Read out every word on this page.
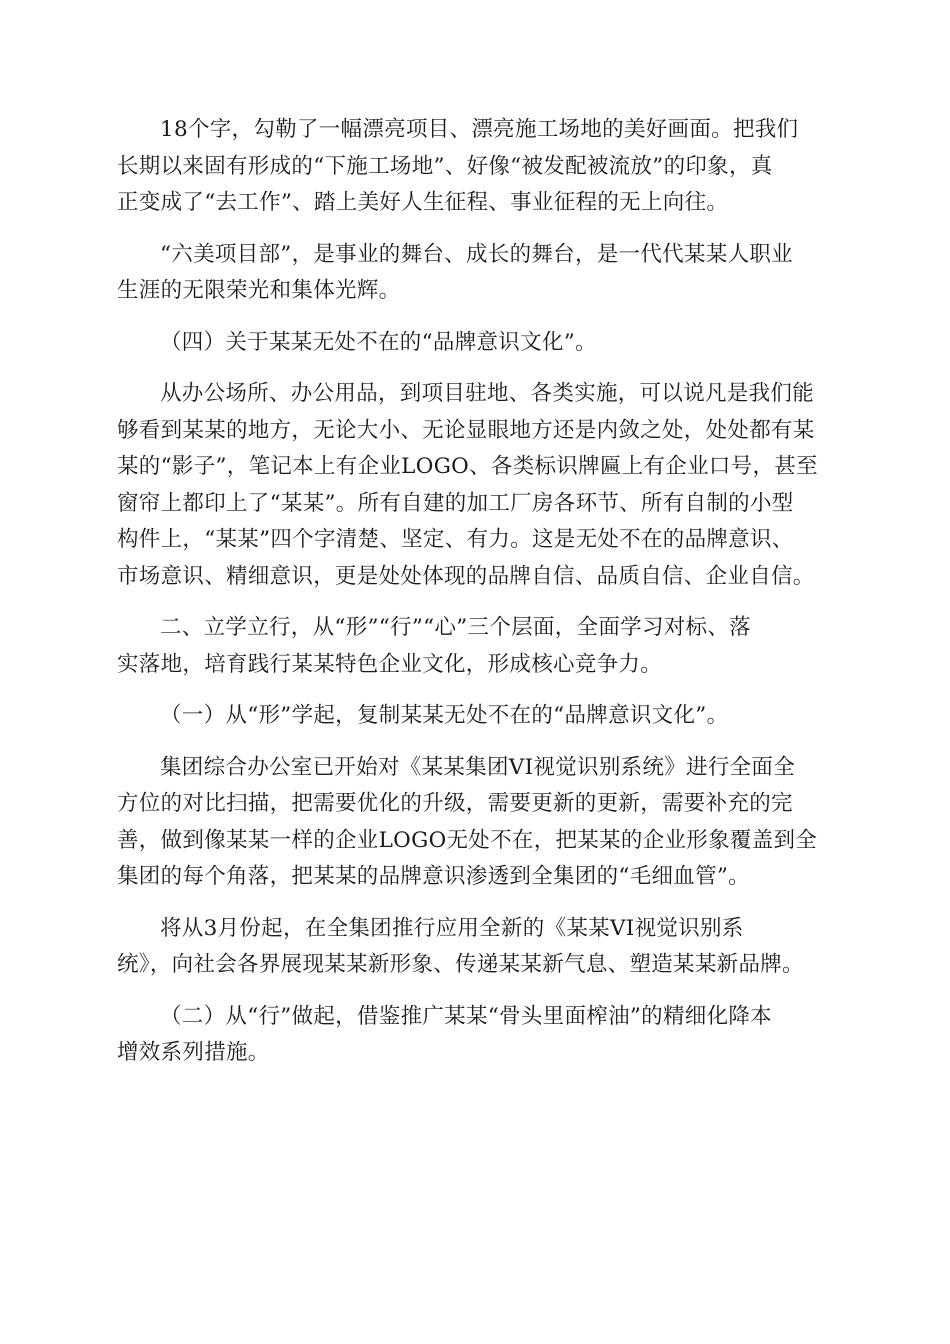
18个字，勾勒了一幅漂亮项目、漂亮施工场地的美好画面。把我们
长期以来固有形成的“下施工场地”、好像“被发配被流放”的印象，真
正变成了“去工作”、踏上美好人生征程、事业征程的无上向往。

“六美项目部”，是事业的舞台、成长的舞台，是一代代某某人职业
生涯的无限荣光和集体光辉。

（四）关于某某无处不在的“品牌意识文化”。

从办公场所、办公用品，到项目驻地、各类实施，可以说凡是我们能
够看到某某的地方，无论大小、无论显眼地方还是内敛之处，处处都有某
某的“影子”，笔记本上有企业LOGO、各类标识牌匾上有企业口号，甚至
窗帘上都印上了“某某”。所有自建的加工厂房各环节、所有自制的小型
构件上，“某某”四个字清楚、坚定、有力。这是无处不在的品牌意识、
市场意识、精细意识，更是处处体现的品牌自信、品质自信、企业自信。

二、立学立行，从“形”“行”“心”三个层面，全面学习对标、落
实落地，培育践行某某特色企业文化，形成核心竞争力。

（一）从“形”学起，复制某某无处不在的“品牌意识文化”。

集团综合办公室已开始对《某某集团VI视觉识别系统》进行全面全
方位的对比扫描，把需要优化的升级，需要更新的更新，需要补充的完
善，做到像某某一样的企业LOGO无处不在，把某某的企业形象覆盖到全
集团的每个角落，把某某的品牌意识渗透到全集团的“毛细血管”。

将从3月份起，在全集团推行应用全新的《某某VI视觉识别系
统》，向社会各界展现某某新形象、传递某某新气息、塑造某某新品牌。

（二）从“行”做起，借鉴推广某某“骨头里面榨油”的精细化降本
增效系列措施。
